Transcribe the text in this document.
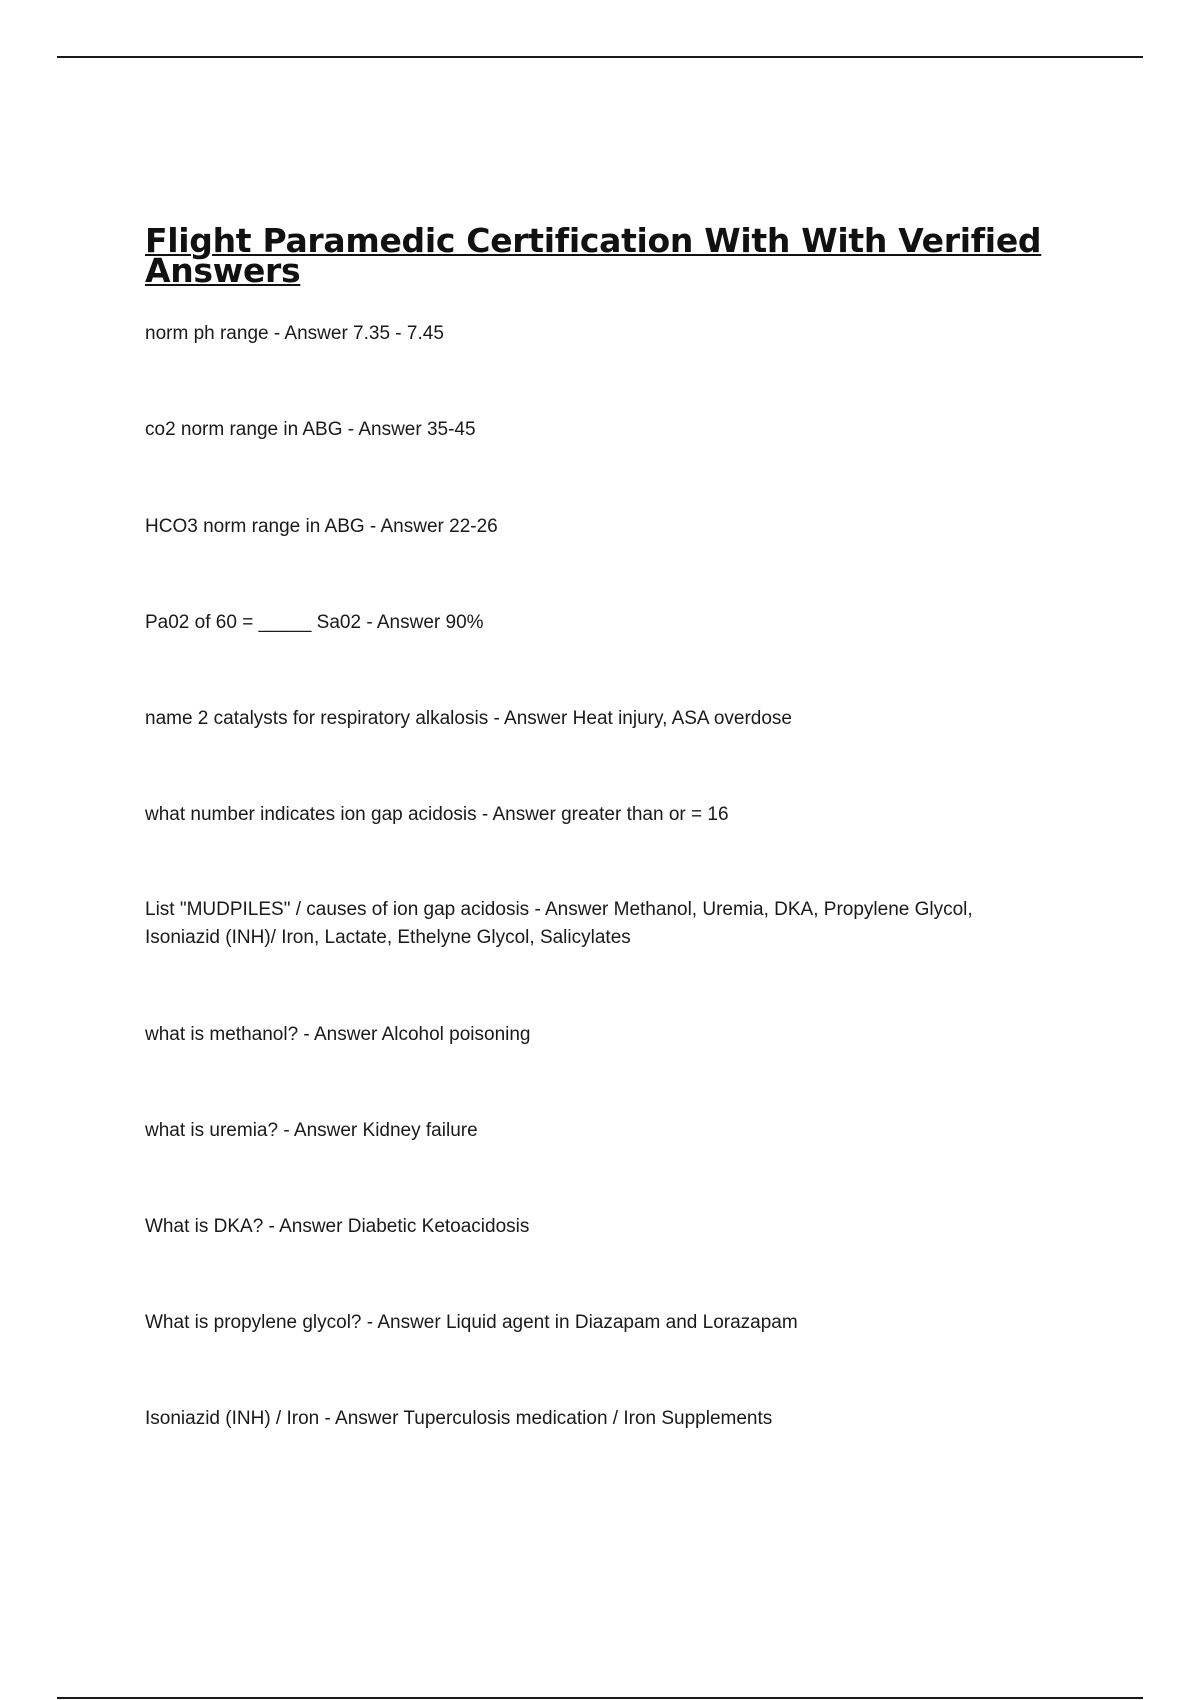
Flight Paramedic Certification With With Verified Answers
norm ph range - Answer 7.35 - 7.45
co2 norm range in ABG - Answer 35-45
HCO3 norm range in ABG - Answer 22-26
Pa02 of 60 = _____ Sa02 - Answer 90%
name 2 catalysts for respiratory alkalosis - Answer Heat injury, ASA overdose
what number indicates ion gap acidosis - Answer greater than or = 16
List "MUDPILES" / causes of ion gap acidosis - Answer Methanol, Uremia, DKA, Propylene Glycol, Isoniazid (INH)/ Iron, Lactate, Ethelyne Glycol, Salicylates
what is methanol? - Answer Alcohol poisoning
what is uremia? - Answer Kidney failure
What is DKA? - Answer Diabetic Ketoacidosis
What is propylene glycol? - Answer Liquid agent in Diazapam and Lorazapam
Isoniazid (INH) / Iron - Answer Tuperculosis medication / Iron Supplements
